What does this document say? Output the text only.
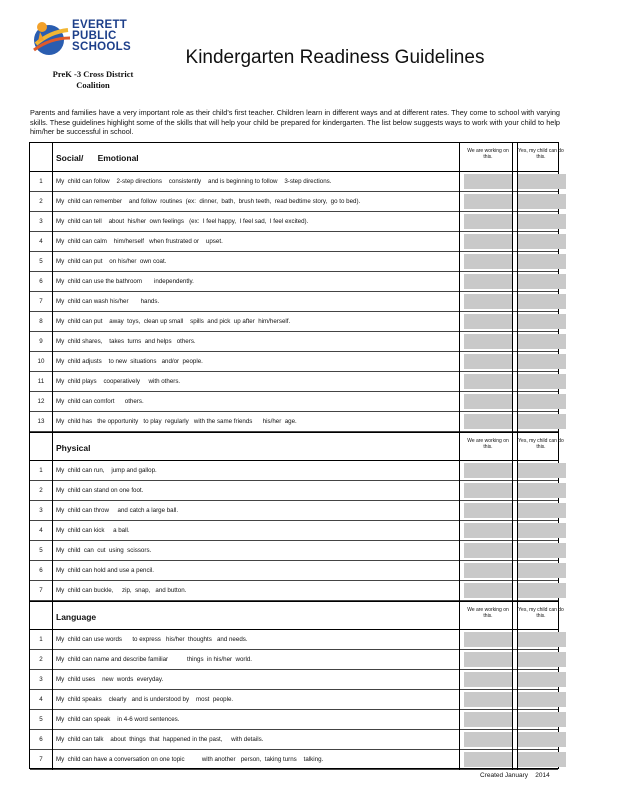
EVERETT
PUBLIC
SCHOOLS
PreK -3 Cross District
Coalition
Kindergarten Readiness Guidelines
Parents and families have a very important role as their child's first teacher. Children learn in different ways and at different rates. They come to school with varying skills. These guidelines highlight some of the skills that will help your child be prepared for kindergarten. The list below suggests ways to work with your child to help him/her be successful in school.
Social/      Emotional
We are working on this.
Yes, my child can do this.
1	My  child can follow    2-step directions    consistently    and is beginning to follow    3-step directions.
2	My  child can remember    and follow  routines  (ex:  dinner,  bath,  brush teeth,  read bedtime story,  go to bed).
3	My  child can tell    about  his/her  own feelings   (ex:  I feel happy,  I feel sad,  I feel excited).
4	My  child can calm    him/herself   when frustrated or    upset.
5	My  child can put    on his/her  own coat.
6	My  child can use the bathroom       independently.
7	My  child can wash his/her       hands.
8	My  child can put    away  toys,  clean up small    spills  and pick  up after  him/herself.
9	My  child shares,    takes  turns  and helps   others.
10	My  child adjusts    to new  situations   and/or  people.
11	My  child plays    cooperatively     with others.
12	My  child can comfort      others.
13	My  child has   the opportunity   to play  regularly   with the same friends      his/her  age.
Physical
We are working on this.
Yes, my child can do this.
1	My  child can run,    jump and gallop.
2	My  child can stand on one foot.
3	My  child can throw     and catch a large ball.
4	My  child can kick     a ball.
5	My  child  can  cut  using  scissors.
6	My  child can hold and use a pencil.
7	My  child can buckle,     zip,  snap,   and button.
Language
We are working on this.
Yes, my child can do this.
1	My  child can use words      to express   his/her  thoughts   and needs.
2	My  child can name and describe familiar           things  in his/her  world.
3	My  child uses    new  words  everyday.
4	My  child speaks    clearly   and is understood by    most  people.
5	My  child can speak    in 4-6 word sentences.
6	My  child can talk    about  things  that  happened in the past,     with details.
7	My  child can have a conversation on one topic          with another   person,  taking turns    talking.
Created January    2014
